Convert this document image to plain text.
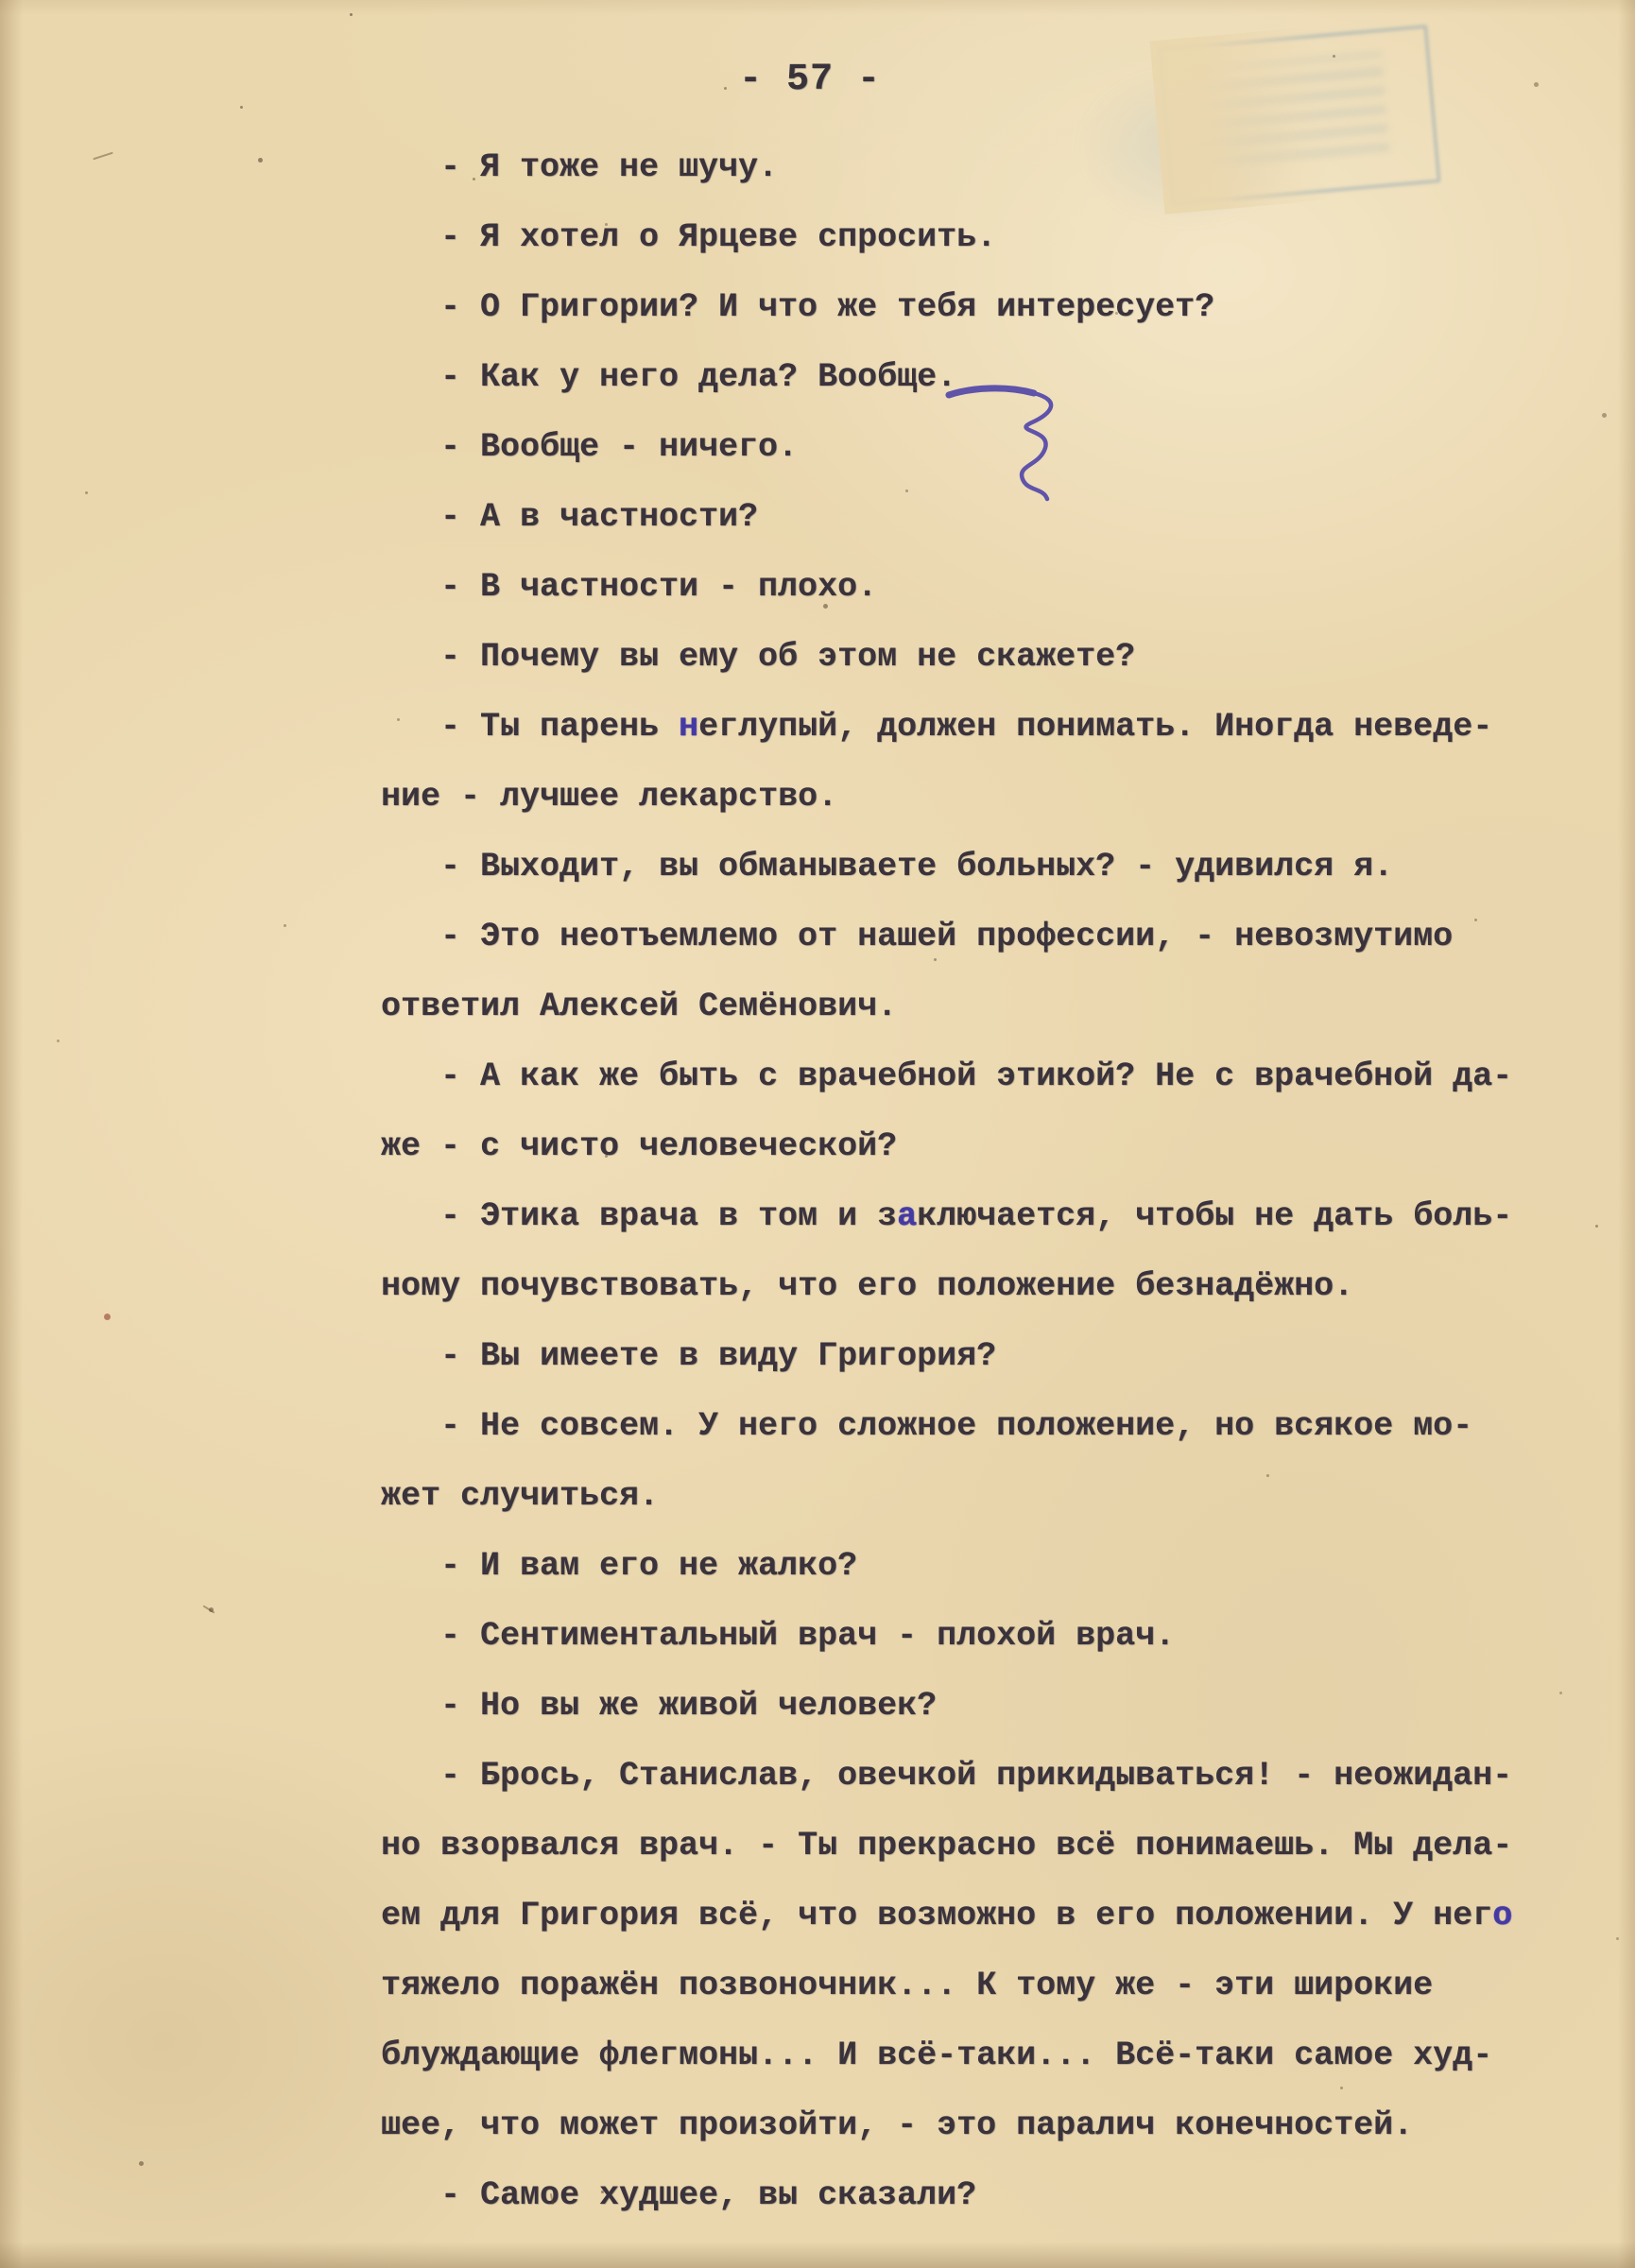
- 57 -
- Я тоже не шучу.
- Я хотел о Ярцеве спросить.
- О Григории? И что же тебя интересует?
- Как у него дела? Вообще.
- Вообще - ничего.
- А в частности?
- В частности - плохо.
- Почему вы ему об этом не скажете?
- Ты парень неглупый, должен понимать. Иногда неведе-
ние - лучшее лекарство.
- Выходит, вы обманываете больных? - удивился я.
- Это неотъемлемо от нашей профессии, - невозмутимо
ответил Алексей Семёнович.
- А как же быть с врачебной этикой? Не с врачебной да-
же - с чисто человеческой?
- Этика врача в том и заключается, чтобы не дать боль-
ному почувствовать, что его положение безнадёжно.
- Вы имеете в виду Григория?
- Не совсем. У него сложное положение, но всякое мо-
жет случиться.
- И вам его не жалко?
- Сентиментальный врач - плохой врач.
- Но вы же живой человек?
- Брось, Станислав, овечкой прикидываться! - неожидан-
но взорвался врач. - Ты прекрасно всё понимаешь. Мы дела-
ем для Григория всё, что возможно в его положении. У него
тяжело поражён позвоночник... К тому же - эти широкие
блуждающие флегмоны... И всё-таки... Всё-таки самое худ-
шее, что может произойти, - это паралич конечностей.
- Самое худшее, вы сказали?
